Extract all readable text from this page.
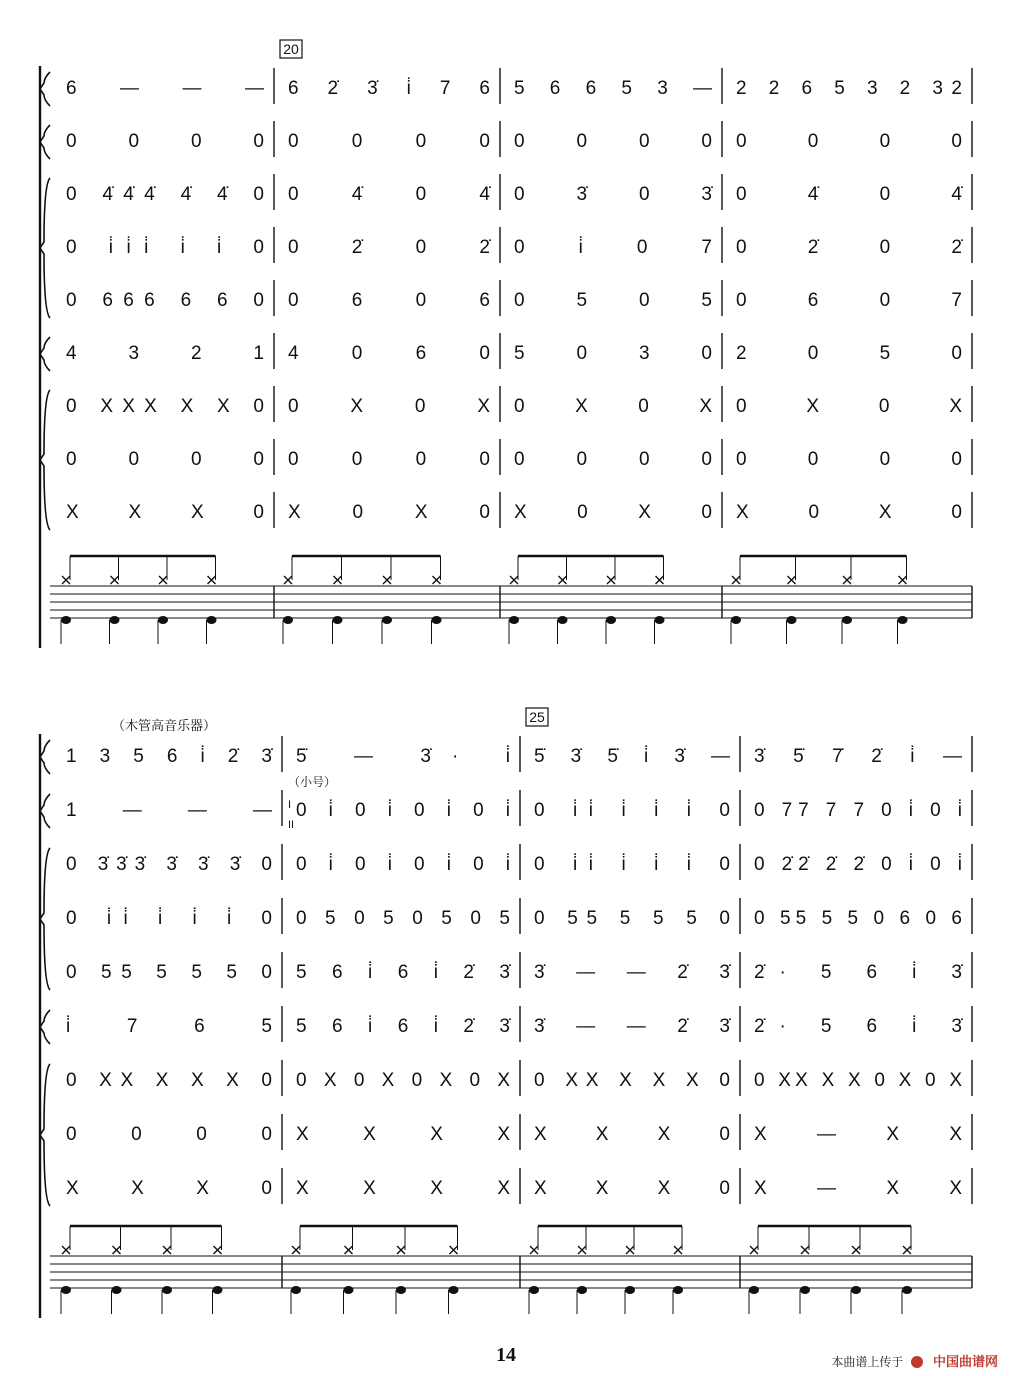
20
6 — — — 6 2̇ 3̇ i̇ 7 6 5 6 6 5 3 — 2 2 6 5 3 2 32
0 0 0 0 0 0 0 0 0 0 0 0 0 0 0 0
0 4̇4̇4̇ 4̇ 4̇ 0 0 4̇ 0 4̇ 0 3̇ 0 3̇ 0 4̇ 0 4̇
0 i̇i̇i̇ i̇ i̇ 0 0 2̇ 0 2̇ 0 i̇ 0 7 0 2̇ 0 2̇
0 666 6 6 0 0 6 0 6 0 5 0 5 0 6 0 7
4 3 2 1 4 0 6 0 5 0 3 0 2 0 5 0
0 XXX X X 0 0 X 0 X 0 X 0 X 0 X 0 X
0 0 0 0 0 0 0 0 0 0 0 0 0 0 0 0
X X X 0 X 0 X 0 X 0 X 0 X 0 X 0
25
（木管高音乐器）
（小号）
I
II
1 3 5 6 i̇ 2̇ 3̇ 5̇ — 3̇· i̇ 5̇ 3̇ 5̇ i̇ 3̇ — 3̇ 5̇ 7̇ 2̇ i̇ —
1 — — — 0 i̇ 0 i̇ 0 i̇ 0 i̇ 0 i̇i̇ i̇ i̇ i̇ 0 0 77 7 7 0 i̇ 0 i̇
0 3̇3̇3̇ 3̇ 3̇ 3̇ 0 0 i̇ 0 i̇ 0 i̇ 0 i̇ 0 i̇i̇ i̇ i̇ i̇ 0 0 2̇2̇ 2̇ 2̇ 0 i̇ 0 i̇
0 i̇i̇ i̇ i̇ i̇ 0 0 5 0 5 0 5 0 5 0 55 5 5 5 0 0 55 5 5 0 6 0 6
0 55 5 5 5 0 5 6 i̇ 6 i̇ 2̇ 3̇ 3̇ — — 2̇ 3̇ 2̇· 5 6 i̇ 3̇
i̇ 7 6 5 5 6 i̇ 6 i̇ 2̇ 3̇ 3̇ — — 2̇ 3̇ 2̇· 5 6 i̇ 3̇
0 XX X X X 0 0 X 0 X 0 X 0 X 0 XX X X X 0 0 XX X X 0 X 0 X
0 0 0 0 X X X X X X X 0 X — X X
X X X 0 X X X X X X X 0 X — X X
14	本曲谱上传于 中国曲谱网
